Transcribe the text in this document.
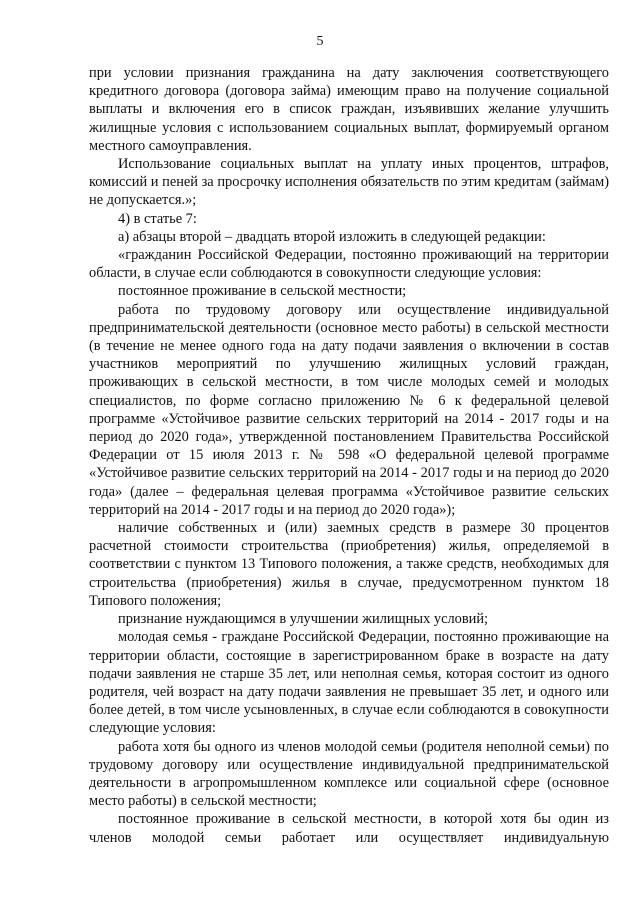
5

при условии признания гражданина на дату заключения соответствующего кредитного договора (договора займа) имеющим право на получение социальной выплаты и включения его в список граждан, изъявивших желание улучшить жилищные условия с использованием социальных выплат, формируемый органом местного самоуправления.

Использование социальных выплат на уплату иных процентов, штрафов, комиссий и пеней за просрочку исполнения обязательств по этим кредитам (займам) не допускается.»;

4) в статье 7:

а) абзацы второй – двадцать второй изложить в следующей редакции:

«гражданин Российской Федерации, постоянно проживающий на территории области, в случае если соблюдаются в совокупности следующие условия:

постоянное проживание в сельской местности;

работа по трудовому договору или осуществление индивидуальной предпринимательской деятельности (основное место работы) в сельской местности (в течение не менее одного года на дату подачи заявления о включении в состав участников мероприятий по улучшению жилищных условий граждан, проживающих в сельской местности, в том числе молодых семей и молодых специалистов, по форме согласно приложению № 6 к федеральной целевой программе «Устойчивое развитие сельских территорий на 2014 - 2017 годы и на период до 2020 года», утвержденной постановлением Правительства Российской Федерации от 15 июля 2013 г. № 598 «О федеральной целевой программе «Устойчивое развитие сельских территорий на 2014 - 2017 годы и на период до 2020 года» (далее – федеральная целевая программа «Устойчивое развитие сельских территорий на 2014 - 2017 годы и на период до 2020 года»);

наличие собственных и (или) заемных средств в размере 30 процентов расчетной стоимости строительства (приобретения) жилья, определяемой в соответствии с пунктом 13 Типового положения, а также средств, необходимых для строительства (приобретения) жилья в случае, предусмотренном пунктом 18 Типового положения;

признание нуждающимся в улучшении жилищных условий;

молодая семья - граждане Российской Федерации, постоянно проживающие на территории области, состоящие в зарегистрированном браке в возрасте на дату подачи заявления не старше 35 лет, или неполная семья, которая состоит из одного родителя, чей возраст на дату подачи заявления не превышает 35 лет, и одного или более детей, в том числе усыновленных, в случае если соблюдаются в совокупности следующие условия:

работа хотя бы одного из членов молодой семьи (родителя неполной семьи) по трудовому договору или осуществление индивидуальной предпринимательской деятельности в агропромышленном комплексе или социальной сфере (основное место работы) в сельской местности;

постоянное проживание в сельской местности, в которой хотя бы один из членов молодой семьи работает или осуществляет индивидуальную
